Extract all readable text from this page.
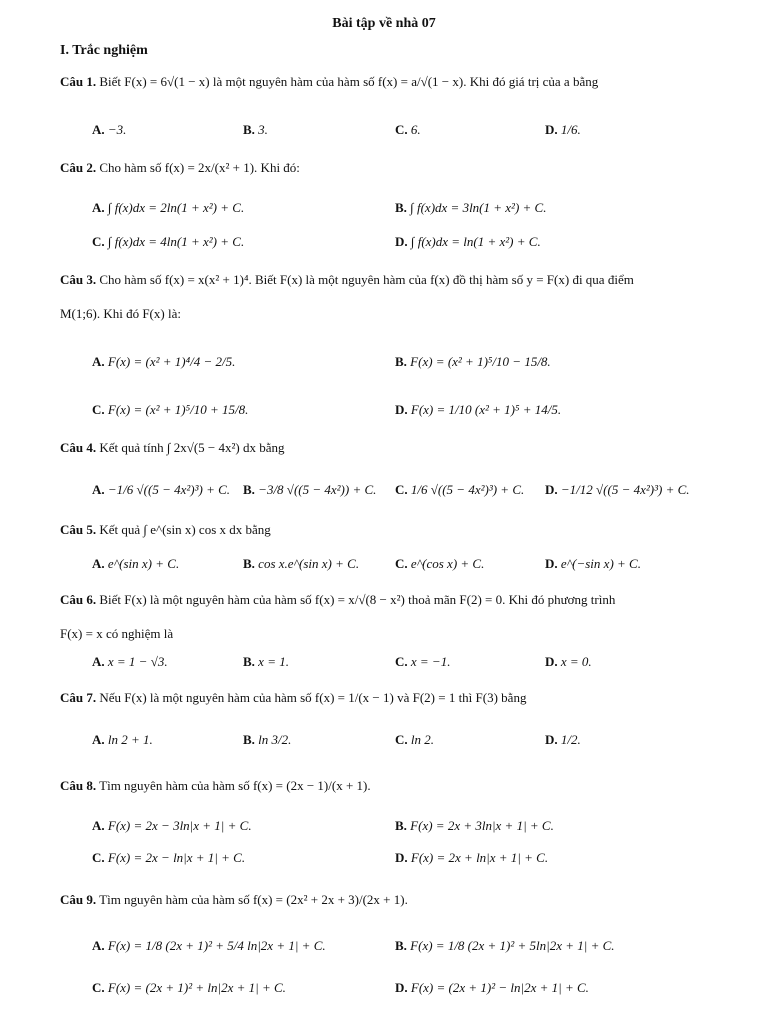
Bài tập về nhà 07
I. Trắc nghiệm
Câu 1. Biết F(x) = 6√(1 − x) là một nguyên hàm của hàm số f(x) = a/√(1 − x). Khi đó giá trị của a bằng
A. −3.	B. 3.	C. 6.	D. 1/6.
Câu 2. Cho hàm số f(x) = 2x/(x² + 1). Khi đó:
A. ∫ f(x)dx = 2ln(1 + x²) + C.	B. ∫ f(x)dx = 3ln(1 + x²) + C.
C. ∫ f(x)dx = 4ln(1 + x²) + C.	D. ∫ f(x)dx = ln(1 + x²) + C.
Câu 3. Cho hàm số f(x) = x(x² + 1)⁴. Biết F(x) là một nguyên hàm của f(x) đồ thị hàm số y = F(x) đi qua điểm
M(1;6). Khi đó F(x) là:
A. F(x) = (x² + 1)⁴/4 − 2/5.	B. F(x) = (x² + 1)⁵/10 − 15/8.
C. F(x) = (x² + 1)⁵/10 + 15/8.	D. F(x) = 1/10 (x² + 1)⁵ + 14/5.
Câu 4. Kết quả tính ∫ 2x√(5 − 4x²) dx bằng
A. −1/6 √((5 − 4x²)³) + C. B. −3/8 √((5 − 4x²)) + C. C. 1/6 √((5 − 4x²)³) + C. D. −1/12 √((5 − 4x²)³) + C.
Câu 5. Kết quả ∫ e^(sin x) cos x dx bằng
A. e^(sin x) + C.	B. cos x.e^(sin x) + C.	C. e^(cos x) + C.	D. e^(−sin x) + C.
Câu 6. Biết F(x) là một nguyên hàm của hàm số f(x) = x/√(8 − x²) thoả mãn F(2) = 0. Khi đó phương trình
F(x) = x có nghiệm là
A. x = 1 − √3.	B. x = 1.	C. x = −1.	D. x = 0.
Câu 7. Nếu F(x) là một nguyên hàm của hàm số f(x) = 1/(x − 1) và F(2) = 1 thì F(3) bằng
A. ln 2 + 1.	B. ln 3/2.	C. ln 2.	D. 1/2.
Câu 8. Tìm nguyên hàm của hàm số f(x) = (2x − 1)/(x + 1).
A. F(x) = 2x − 3ln|x + 1| + C.	B. F(x) = 2x + 3ln|x + 1| + C.
C. F(x) = 2x − ln|x + 1| + C.	D. F(x) = 2x + ln|x + 1| + C.
Câu 9. Tìm nguyên hàm của hàm số f(x) = (2x² + 2x + 3)/(2x + 1).
A. F(x) = 1/8 (2x + 1)² + 5/4 ln|2x + 1| + C.	B. F(x) = 1/8 (2x + 1)² + 5ln|2x + 1| + C.
C. F(x) = (2x + 1)² + ln|2x + 1| + C.	D. F(x) = (2x + 1)² − ln|2x + 1| + C.
